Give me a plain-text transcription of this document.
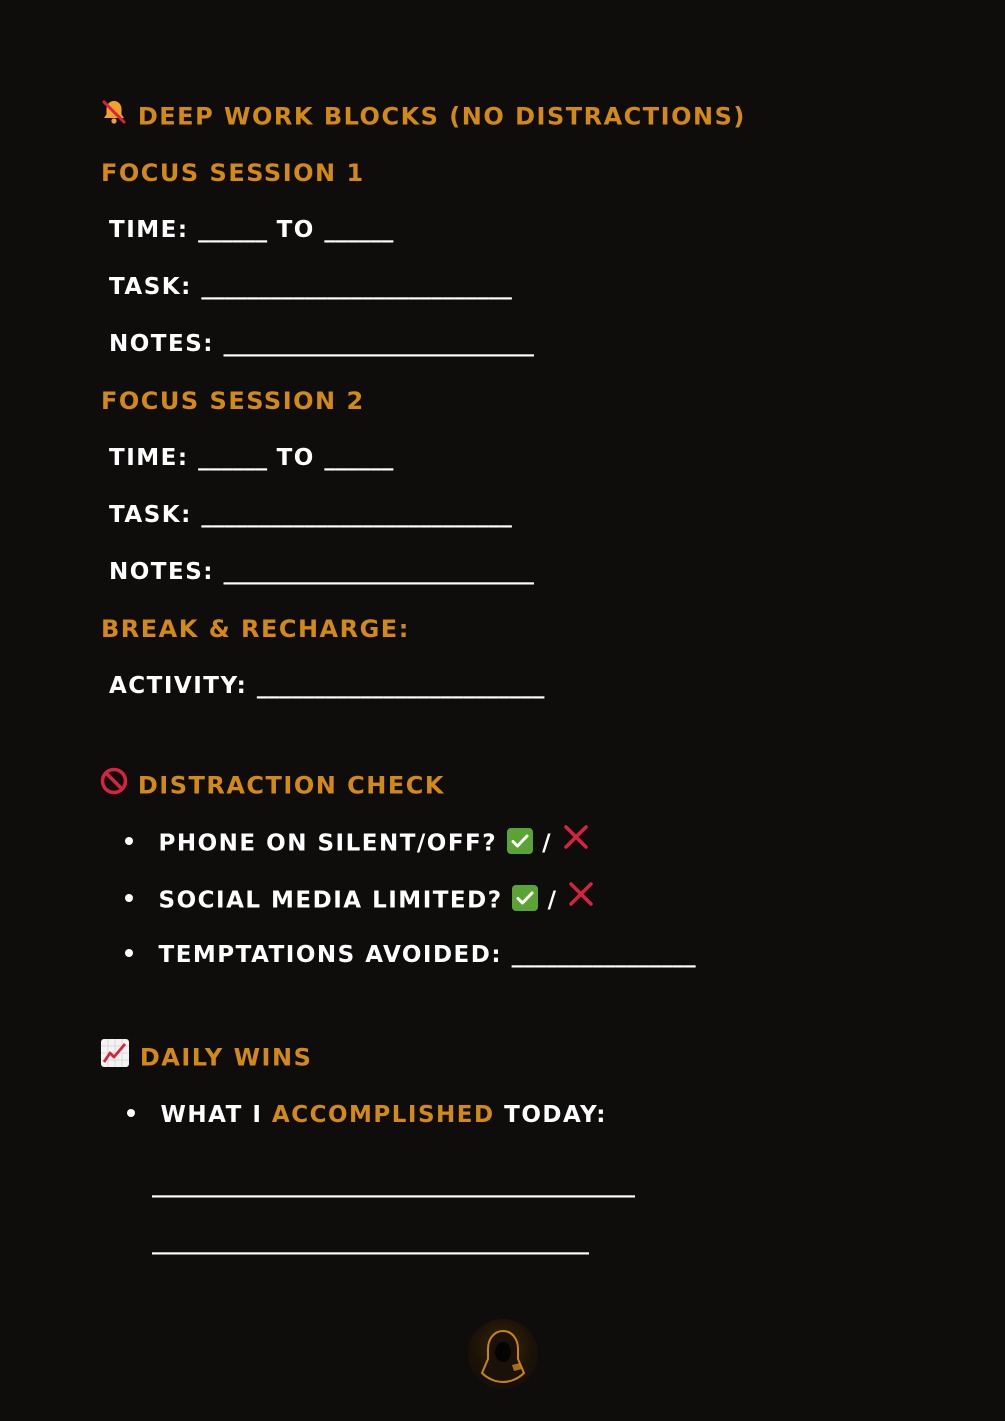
DEEP WORK BLOCKS (NO DISTRACTIONS)
FOCUS SESSION 1
TIME: ______ TO ______
TASK: ___________________________
NOTES: ___________________________
FOCUS SESSION 2
TIME: ______ TO ______
TASK: ___________________________
NOTES: ___________________________
BREAK & RECHARGE:
ACTIVITY: _________________________
DISTRACTION CHECK
PHONE ON SILENT/OFF? /
SOCIAL MEDIA LIMITED? /
TEMPTATIONS AVOIDED: ________________
DAILY WINS
WHAT I ACCOMPLISHED TODAY:
__________________________________________
______________________________________
